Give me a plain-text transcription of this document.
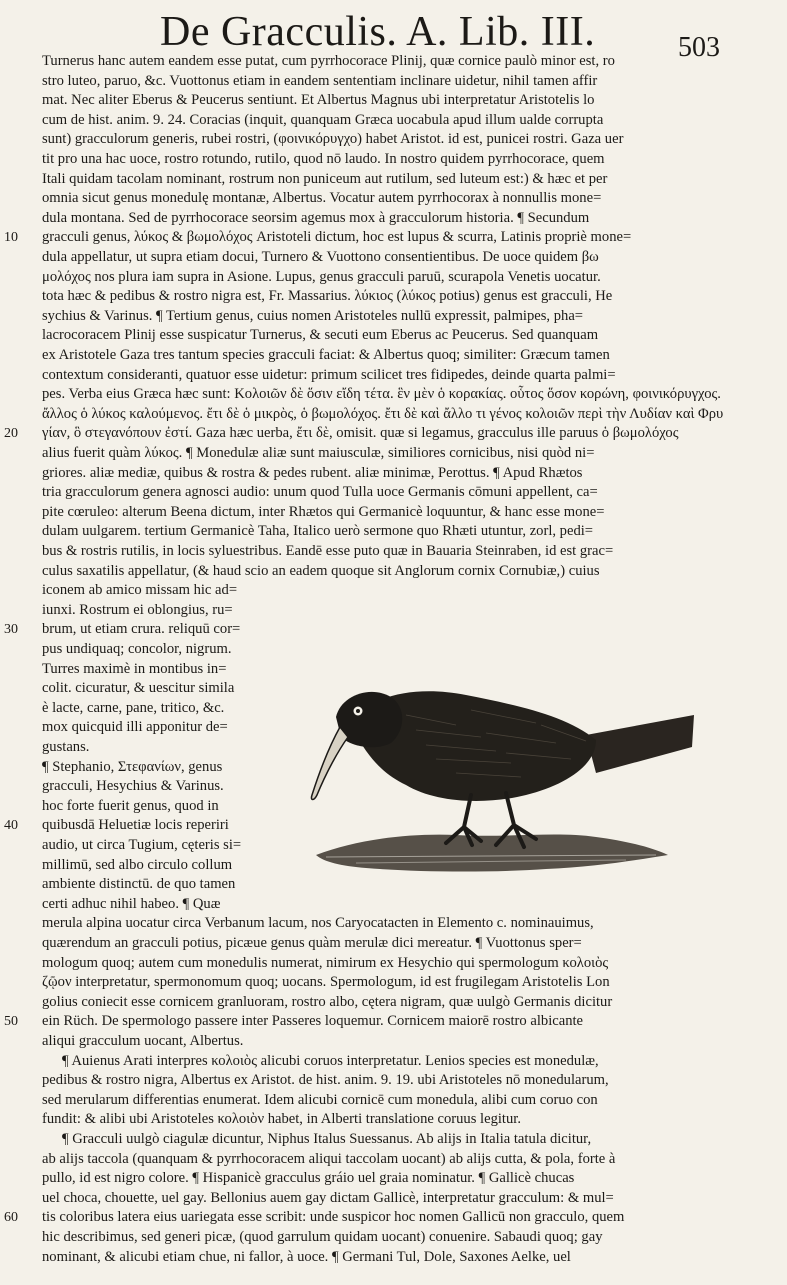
De Gracculis. A. Lib. III.	503
Turnerus hanc autem eandem esse putat, cum pyrrhocorace Plinij, quæ cornice paulò minor est, ro
stro luteo, paruo, &c. Vuottonus etiam in eandem sententiam inclinare uidetur, nihil tamen affir
mat. Nec aliter Eberus & Peucerus sentiunt. Et Albertus Magnus ubi interpretatur Aristotelis lo
cum de hist. anim. 9. 24. Coracias (inquit, quanquam Græca uocabula apud illum ualde corrupta
sunt) gracculorum generis, rubei rostri, (φοινικόρυγχο) habet Aristot. id est, punicei rostri. Gaza uer
tit pro una hac uoce, rostro rotundo, rutilo, quod nō laudo. In nostro quidem pyrrhocorace, quem
Itali quidam tacolam nominant, rostrum non puniceum aut rutilum, sed luteum est:) & hæc et per
omnia sicut genus monedulę montanæ, Albertus. Vocatur autem pyrrhocorax à nonnullis mone=
dula montana. Sed de pyrrhocorace seorsim agemus mox à gracculorum historia. ¶ Secundum
gracculi genus, λύκος & βωμολόχος Aristoteli dictum, hoc est lupus & scurra, Latinis propriè mone=
dula appellatur, ut supra etiam docui, Turnero & Vuottono consentientibus. De uoce quidem βω
μολόχος nos plura iam supra in Asione. Lupus, genus gracculi paruū, scurapola Venetis uocatur.
tota hæc & pedibus & rostro nigra est, Fr. Massarius. λύκιος (λύκος potius) genus est gracculi, He
sychius & Varinus. ¶ Tertium genus, cuius nomen Aristoteles nullū expressit, palmipes, pha=
lacrocoracem Plinij esse suspicatur Turnerus, & secuti eum Eberus ac Peucerus. Sed quanquam
ex Aristotele Gaza tres tantum species gracculi faciat: & Albertus quoq; similiter: Græcum tamen
contextum consideranti, quatuor esse uidetur: primum scilicet tres fidipedes, deinde quarta palmi=
pes. Verba eius Græca hæc sunt: Κολοιῶν δὲ ὅσιν εἴδη τέτα. ἓν μὲν ὁ κορακίας. οὗτος ὅσον κορώνη, φοινικόρυγχος.
ἄλλος ὁ λύκος καλούμενος. ἔτι δὲ ὁ μικρὸς, ὁ βωμολόχος. ἔτι δὲ καὶ ἄλλο τι γένος κολοιῶν περὶ τὴν Λυδίαν καὶ Φρυ
γίαν, ὃ στεγανόπουν ἐστί. Gaza hæc uerba, ἔτι δὲ, omisit. quæ si legamus, gracculus ille paruus ὁ βωμολόχος
alius fuerit quàm λύκος. ¶ Monedulæ aliæ sunt maiusculæ, similiores cornicibus, nisi quòd ni=
griores. aliæ mediæ, quibus & rostra & pedes rubent. aliæ minimæ, Perottus. ¶ Apud Rhætos
tria gracculorum genera agnosci audio: unum quod Tulla uoce Germanis cōmuni appellent, ca=
pite cœruleo: alterum Beena dictum, inter Rhætos qui Germanicè loquuntur, & hanc esse mone=
dulam uulgarem. tertium Germanicè Taha, Italico uerò sermone quo Rhæti utuntur, zorl, pedi=
bus & rostris rutilis, in locis syluestribus. Eandē esse puto quæ in Bauaria Steinraben, id est grac=
culus saxatilis appellatur, (& haud scio an eadem quoque sit Anglorum cornix Cornubiæ,) cuius
iconem ab amico missam hic ad=
iunxi. Rostrum ei oblongius, ru=
brum, ut etiam crura. reliquū cor=
pus undiquaq; concolor, nigrum.
Turres maximè in montibus in=
colit. cicuratur, & uescitur simila
è lacte, carne, pane, tritico, &c.
mox quicquid illi apponitur de=
gustans.
¶ Stephanio, Στεφανίων, genus
gracculi, Hesychius & Varinus.
hoc forte fuerit genus, quod in
quibusdā Heluetiæ locis reperiri
audio, ut circa Tugium, cęteris si=
millimū, sed albo circulo collum
ambiente distinctū. de quo tamen
certi adhuc nihil habeo. ¶ Quæ
merula alpina uocatur circa Verbanum lacum, nos Caryocatacten in Elemento c. nominauimus,
quærendum an gracculi potius, picæue genus quàm merulæ dici mereatur. ¶ Vuottonus sper=
mologum quoq; autem cum monedulis numerat, nimirum ex Hesychio qui spermologum κολοιὸς
ζῷον interpretatur, spermonomum quoq; uocans. Spermologum, id est frugilegam Aristotelis Lon
golius coniecit esse cornicem granluoram, rostro albo, cętera nigram, quæ uulgò Germanis dicitur
ein Rüch. De spermologo passere inter Passeres loquemur. Cornicem maiorē rostro albicante
aliqui gracculum uocant, Albertus.
¶ Auienus Arati interpres κολοιὸς alicubi coruos interpretatur. Lenios species est monedulæ,
pedibus & rostro nigra, Albertus ex Aristot. de hist. anim. 9. 19. ubi Aristoteles nō monedularum,
sed merularum differentias enumerat. Idem alicubi cornicē cum monedula, alibi cum coruo con
fundit: & alibi ubi Aristoteles κολοιὸν habet, in Alberti translatione coruus legitur.
¶ Gracculi uulgò ciagulæ dicuntur, Niphus Italus Suessanus. Ab alijs in Italia tatula dicitur,
ab alijs taccola (quanquam & pyrrhocoracem aliqui taccolam uocant) ab alijs cutta, & pola, forte à
pullo, id est nigro colore. ¶ Hispanicè gracculus gráio uel graia nominatur. ¶ Gallicè chucas
uel choca, chouette, uel gay. Bellonius auem gay dictam Gallicè, interpretatur gracculum: & mul=
tis coloribus latera eius uariegata esse scribit: unde suspicor hoc nomen Gallicū non gracculo, quem
hic describimus, sed generi picæ, (quod garrulum quidam uocant) conuenire. Sabaudi quoq; gay
nominant, & alicubi etiam chue, ni fallor, à uoce. ¶ Germani Tul, Dole, Saxones Aelke, uel
10
20
30
40
50
60
